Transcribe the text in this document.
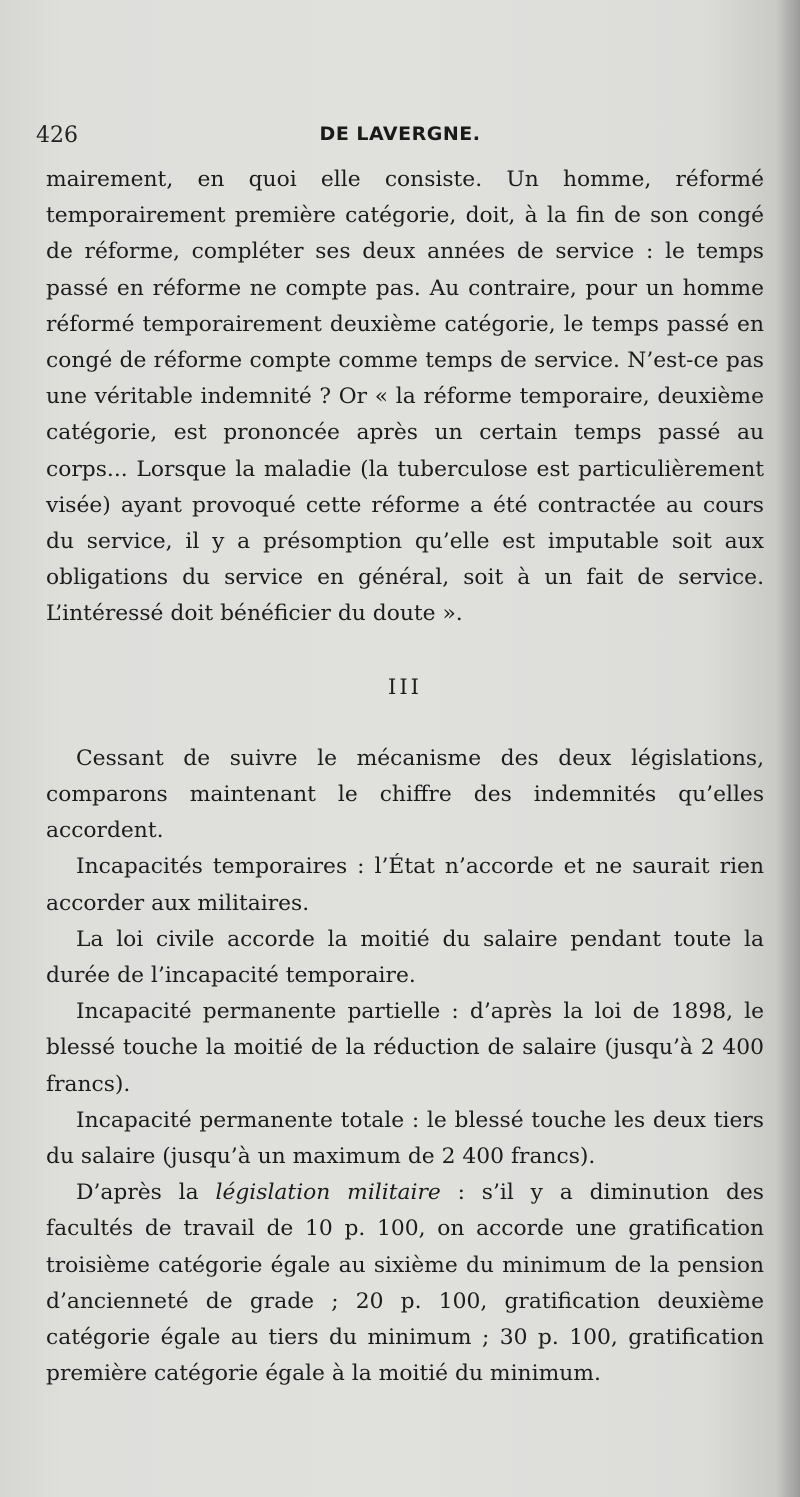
426	DE LAVERGNE.

mairement, en quoi elle consiste. Un homme, réformé temporairement première catégorie, doit, à la fin de son congé de réforme, compléter ses deux années de service : le temps passé en réforme ne compte pas. Au contraire, pour un homme réformé temporairement deuxième catégorie, le temps passé en congé de réforme compte comme temps de service. N’est-ce pas une véritable indemnité ? Or « la réforme temporaire, deuxième catégorie, est prononcée après un certain temps passé au corps... Lorsque la maladie (la tuberculose est particulièrement visée) ayant provoqué cette réforme a été contractée au cours du service, il y a présomption qu’elle est imputable soit aux obligations du service en général, soit à un fait de service. L’intéressé doit bénéficier du doute ».

III

Cessant de suivre le mécanisme des deux législations, comparons maintenant le chiffre des indemnités qu’elles accordent.

Incapacités temporaires : l’État n’accorde et ne saurait rien accorder aux militaires.

La loi civile accorde la moitié du salaire pendant toute la durée de l’incapacité temporaire.

Incapacité permanente partielle : d’après la loi de 1898, le blessé touche la moitié de la réduction de salaire (jusqu’à 2 400 francs).

Incapacité permanente totale : le blessé touche les deux tiers du salaire (jusqu’à un maximum de 2 400 francs).

D’après la législation militaire : s’il y a diminution des facultés de travail de 10 p. 100, on accorde une gratification troisième catégorie égale au sixième du minimum de la pension d’ancienneté de grade ; 20 p. 100, gratification deuxième catégorie égale au tiers du minimum ; 30 p. 100, gratification première catégorie égale à la moitié du minimum.
